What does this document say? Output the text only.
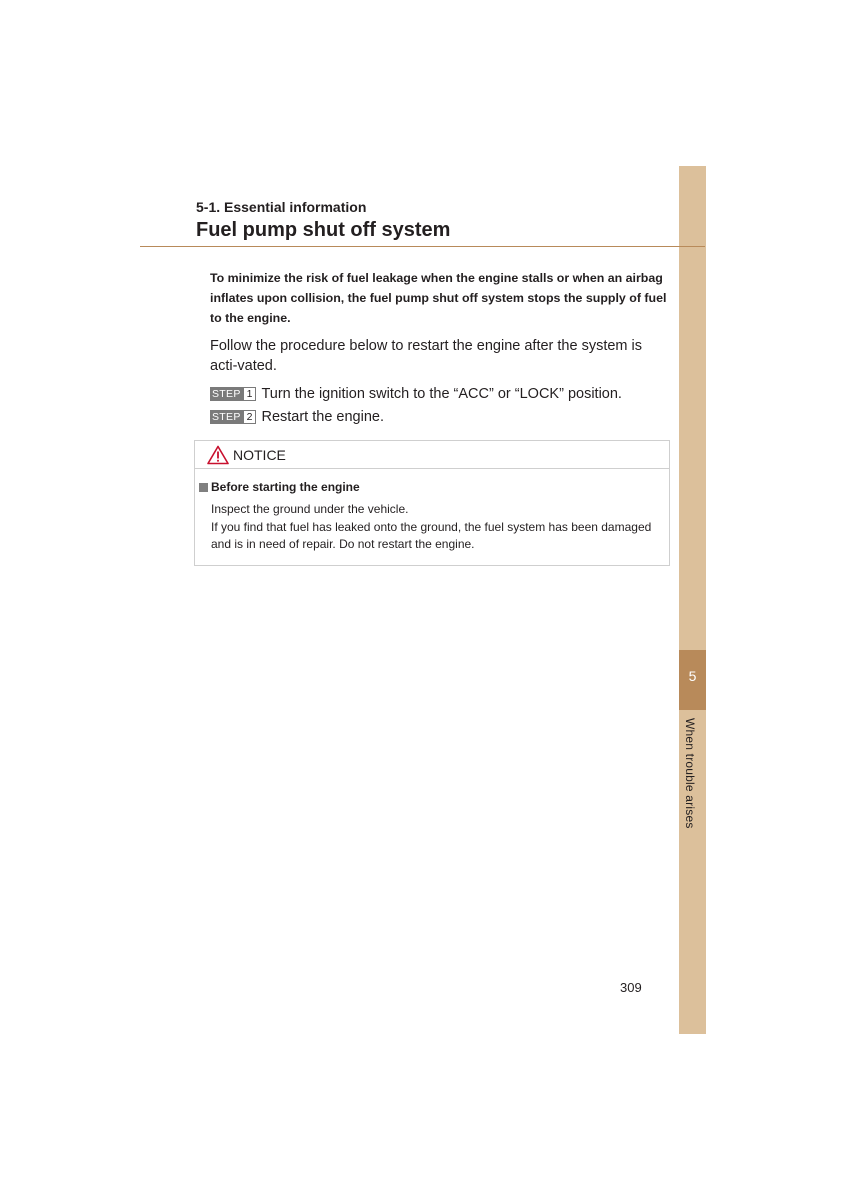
5
When trouble arises
5-1. Essential information
Fuel pump shut off system

To minimize the risk of fuel leakage when the engine stalls or when an airbag inflates upon collision, the fuel pump shut off system stops the supply of fuel to the engine.

Follow the procedure below to restart the engine after the system is acti-vated.

STEP 1 Turn the ignition switch to the “ACC” or “LOCK” position.
STEP 2 Restart the engine.
NOTICE
Before starting the engine

Inspect the ground under the vehicle.
If you find that fuel has leaked onto the ground, the fuel system has been damaged and is in need of repair. Do not restart the engine.

309
